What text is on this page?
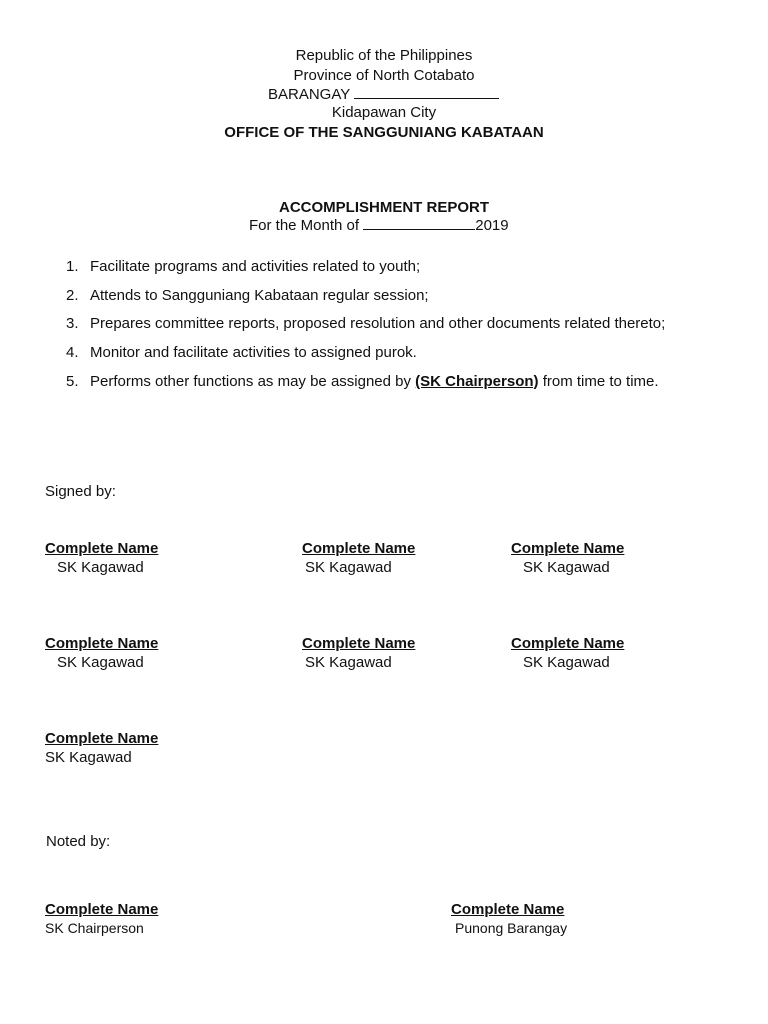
Republic of the Philippines
Province of North Cotabato
BARANGAY
Kidapawan City
OFFICE OF THE SANGGUNIANG KABATAAN
ACCOMPLISHMENT REPORT
For the Month of	2019
1. Facilitate programs and activities related to youth;
2. Attends to Sangguniang Kabataan regular session;
3. Prepares committee reports, proposed resolution and other documents related thereto;
4. Monitor and facilitate activities to assigned purok.
5. Performs other functions as may be assigned by (SK Chairperson) from time to time.
Signed by:
Complete Name
SK Kagawad
Complete Name
SK Kagawad
Complete Name
SK Kagawad
Complete Name
SK Kagawad
Complete Name
SK Kagawad
Complete Name
SK Kagawad
Complete Name
SK Kagawad
Noted by:
Complete Name
SK Chairperson
Complete Name
Punong Barangay
